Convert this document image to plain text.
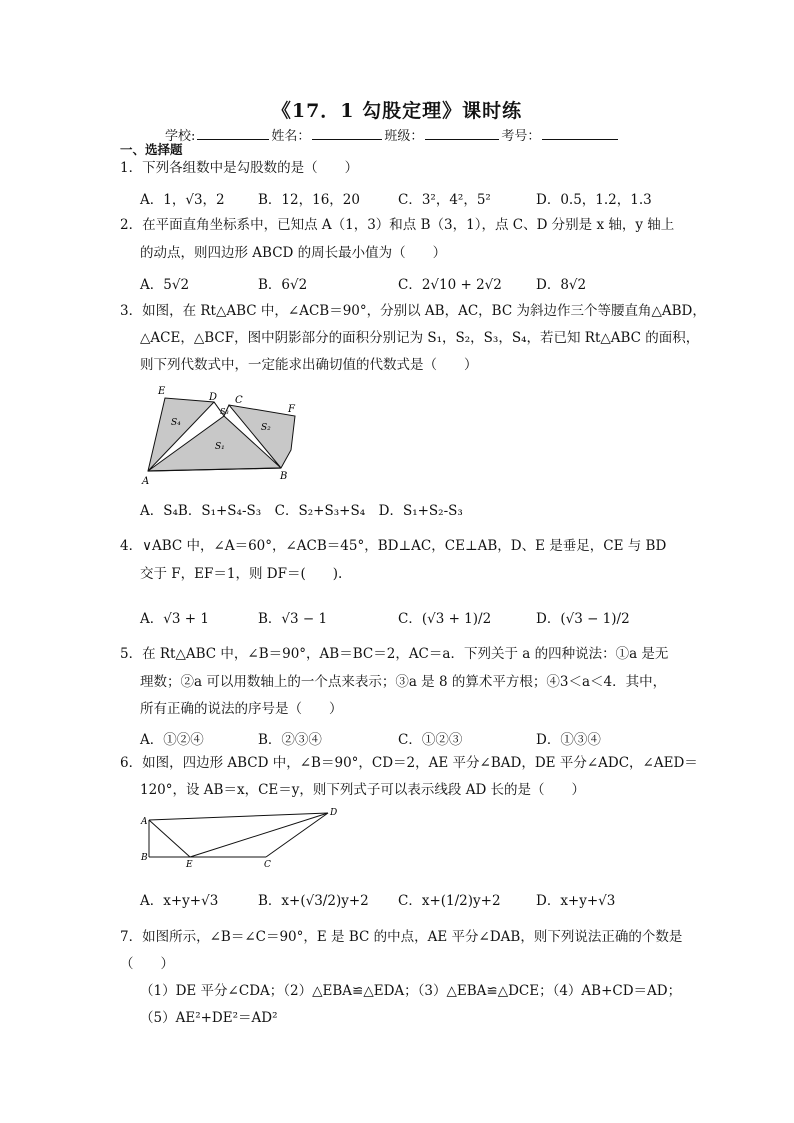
《17．1 勾股定理》课时练
学校:	姓名：	班级：	考号：
一、选择题
1．下列各组数中是勾股数的是（　　）
A．1，√3，2 B．12，16，20	C．3²，4²，5²	D．0.5，1.2，1.3
2．在平面直角坐标系中，已知点 A（1，3）和点 B（3，1），点 C、D 分别是 x 轴，y 轴上
的动点，则四边形 ABCD 的周长最小值为（　　）
A．5√2	B．6√2	C．2√10 + 2√2	D．8√2
3．如图，在 Rt△ABC 中，∠ACB＝90°，分别以 AB，AC，BC 为斜边作三个等腰直角△ABD，
△ACE，△BCF，图中阴影部分的面积分别记为 S₁，S₂，S₃，S₄，若已知 Rt△ABC 的面积，
则下列代数式中，一定能求出确切值的代数式是（　　）
E
D C
F
A	B
S₁
S₂
S₃
S₄
A．S₄B．S₁+S₄-S₃　C．S₂+S₃+S₄　D．S₁+S₂-S₃
4．∨ABC 中，∠A＝60°，∠ACB＝45°，BD⊥AC，CE⊥AB，D、E 是垂足，CE 与 BD
交于 F，EF＝1，则 DF＝(　　).
A．√3 + 1	B．√3 − 1	C．(√3 + 1)/2	D．(√3 − 1)/2
5．在 Rt△ABC 中，∠B＝90°，AB＝BC＝2，AC＝a．下列关于 a 的四种说法：①a 是无
理数；②a 可以用数轴上的一个点来表示；③a 是 8 的算术平方根；④3＜a＜4．其中，
所有正确的说法的序号是（　　）
A．①②④	B．②③④	C．①②③	D．①③④
6．如图，四边形 ABCD 中，∠B＝90°，CD＝2，AE 平分∠BAD，DE 平分∠ADC，∠AED＝
120°，设 AB＝x，CE＝y，则下列式子可以表示线段 AD 长的是（　　）
A
B
E	C
D
A．x+y+√3	B．x+(√3/2)y+2 C．x+(1/2)y+2	D．x+y+√3
7．如图所示，∠B＝∠C＝90°，E 是 BC 的中点，AE 平分∠DAB，则下列说法正确的个数是
（　　）
（1）DE 平分∠CDA；（2）△EBA≌△EDA；（3）△EBA≌△DCE；（4）AB+CD＝AD；
（5）AE²+DE²＝AD²
